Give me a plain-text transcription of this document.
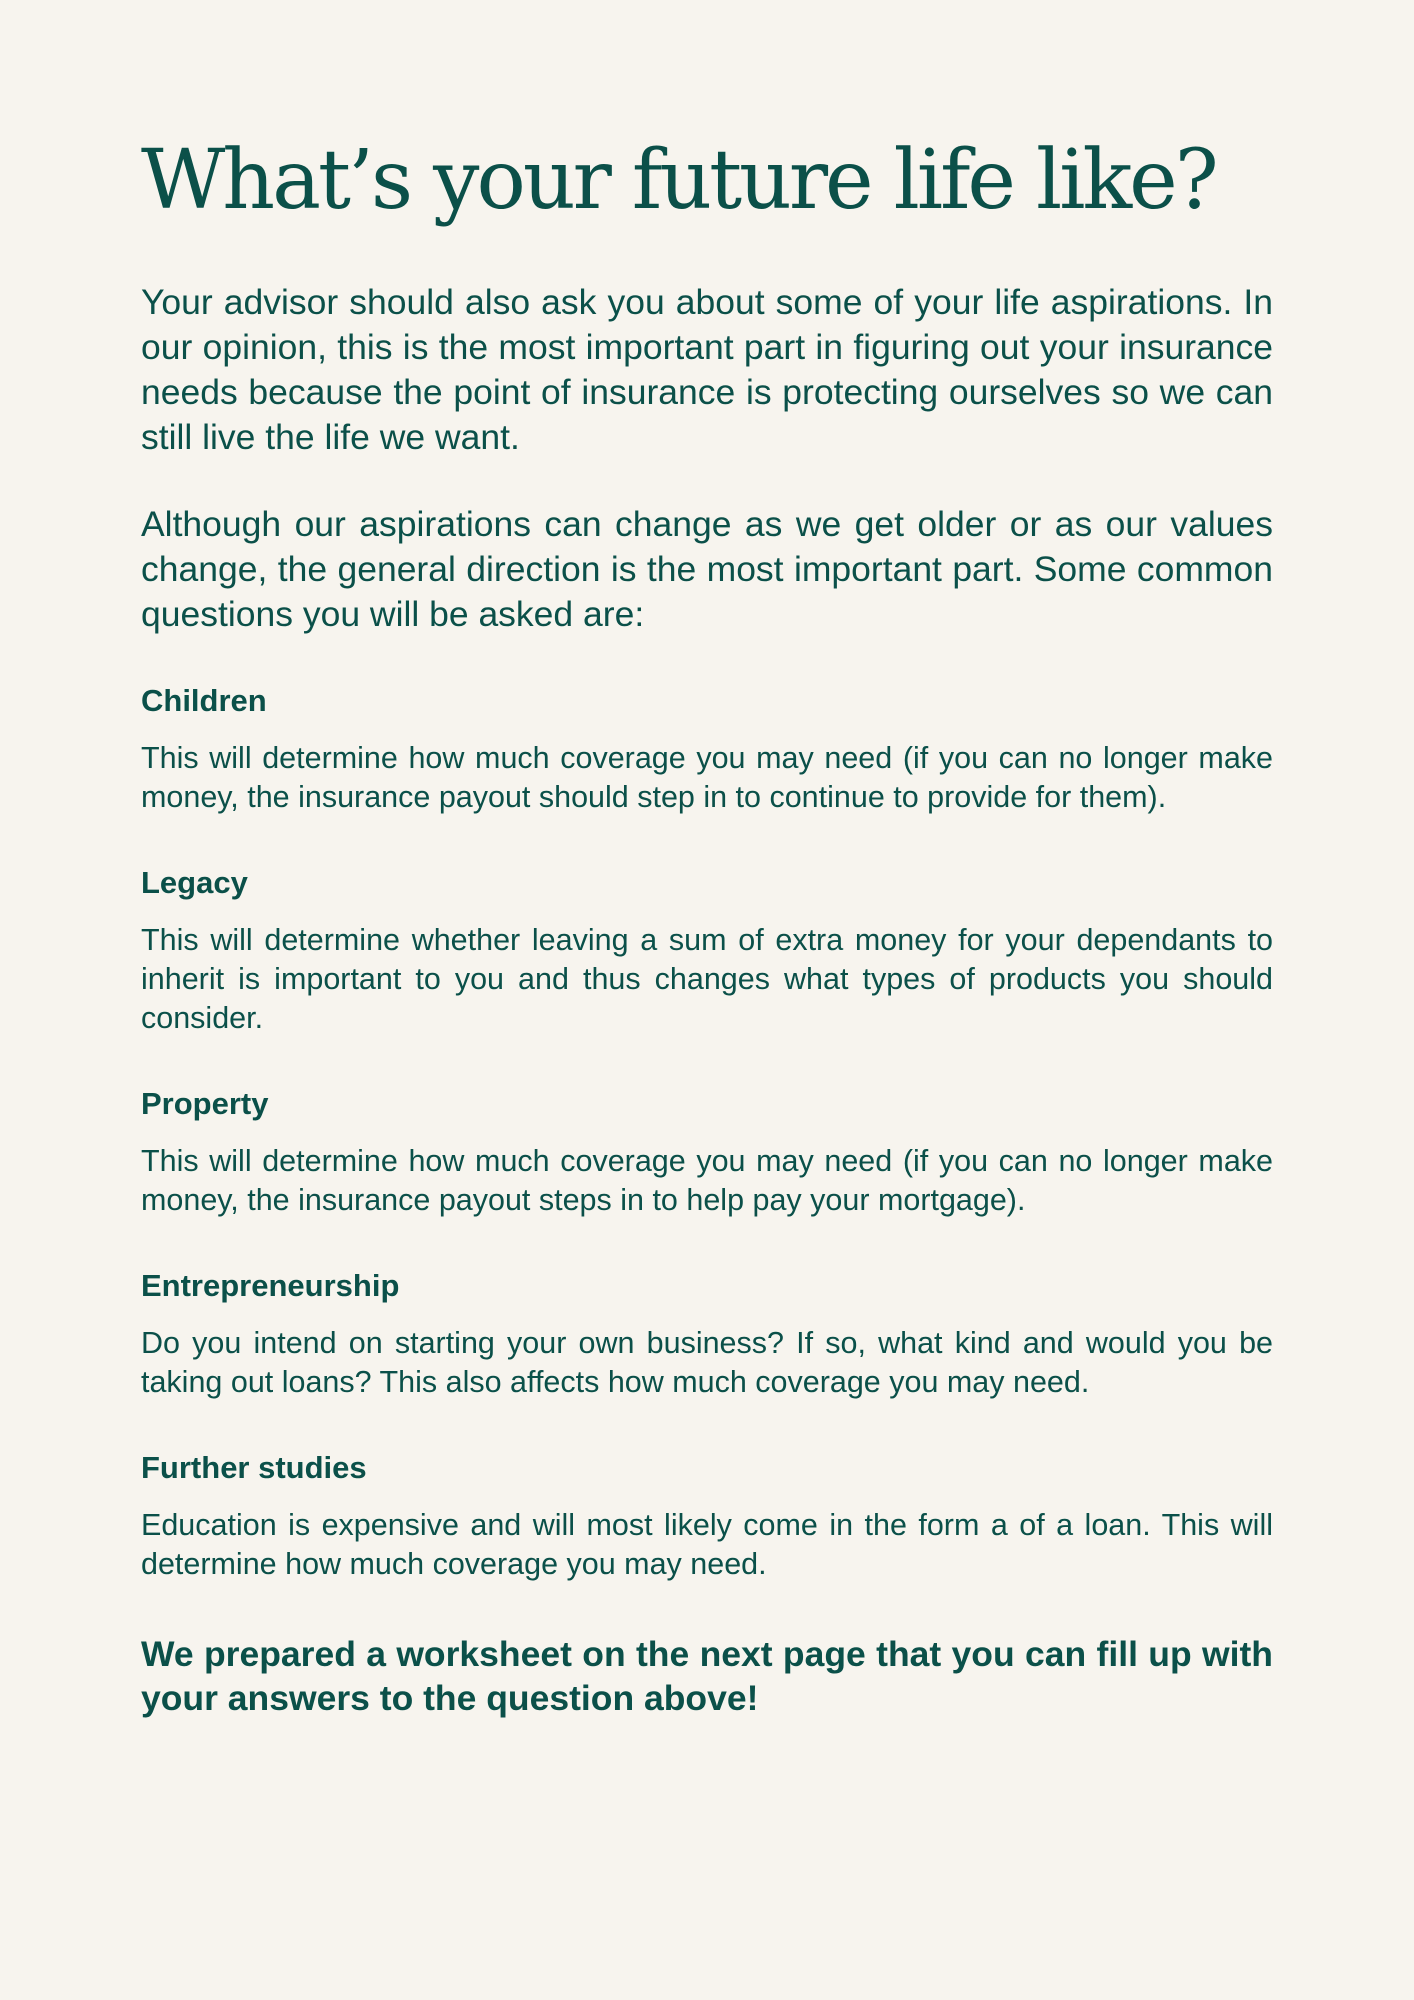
What’s your future life like?

Your advisor should also ask you about some of your life aspirations. In our opinion, this is the most important part in figuring out your insurance needs because the point of insurance is protecting ourselves so we can still live the life we want.

Although our aspirations can change as we get older or as our values change, the general direction is the most important part. Some common questions you will be asked are:

Children

This will determine how much coverage you may need (if you can no longer make money, the insurance payout should step in to continue to provide for them).

Legacy

This will determine whether leaving a sum of extra money for your dependants to inherit is important to you and thus changes what types of products you should consider.

Property

This will determine how much coverage you may need (if you can no longer make money, the insurance payout steps in to help pay your mortgage).

Entrepreneurship

Do you intend on starting your own business? If so, what kind and would you be taking out loans? This also affects how much coverage you may need.

Further studies

Education is expensive and will most likely come in the form a of a loan. This will determine how much coverage you may need.

We prepared a worksheet on the next page that you can fill up with your answers to the question above!
